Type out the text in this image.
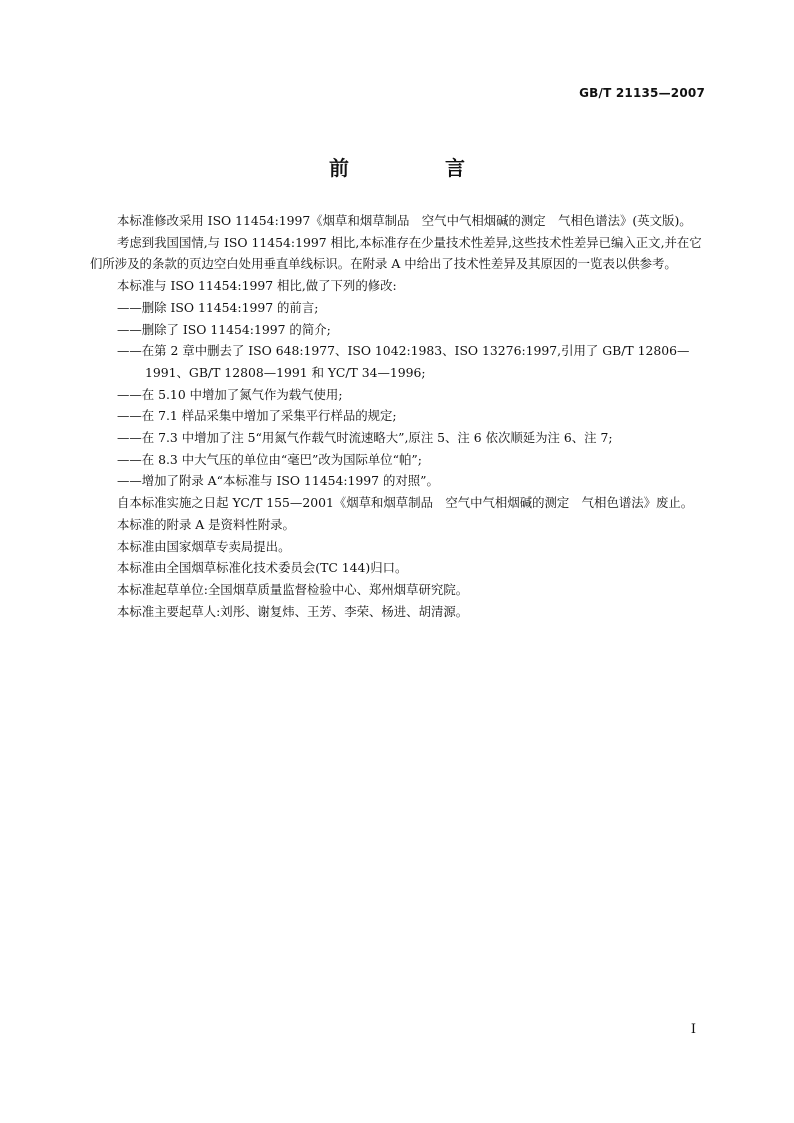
GB/T 21135—2007
前　言

本标准修改采用 ISO 11454:1997《烟草和烟草制品　空气中气相烟碱的测定　气相色谱法》(英文版)。

考虑到我国国情,与 ISO 11454:1997 相比,本标准存在少量技术性差异,这些技术性差异已编入正文,并在它们所涉及的条款的页边空白处用垂直单线标识。在附录 A 中给出了技术性差异及其原因的一览表以供参考。

本标准与 ISO 11454:1997 相比,做了下列的修改:

——删除 ISO 11454:1997 的前言;

——删除了 ISO 11454:1997 的简介;

——在第 2 章中删去了 ISO 648:1977、ISO 1042:1983、ISO 13276:1997,引用了 GB/T 12806—1991、GB/T 12808—1991 和 YC/T 34—1996;

——在 5.10 中增加了氮气作为载气使用;

——在 7.1 样品采集中增加了采集平行样品的规定;

——在 7.3 中增加了注 5“用氮气作载气时流速略大”,原注 5、注 6 依次顺延为注 6、注 7;

——在 8.3 中大气压的单位由“毫巴”改为国际单位“帕”;

——增加了附录 A“本标准与 ISO 11454:1997 的对照”。

自本标准实施之日起 YC/T 155—2001《烟草和烟草制品　空气中气相烟碱的测定　气相色谱法》废止。

本标准的附录 A 是资料性附录。

本标准由国家烟草专卖局提出。

本标准由全国烟草标准化技术委员会(TC 144)归口。

本标准起草单位:全国烟草质量监督检验中心、郑州烟草研究院。

本标准主要起草人:刘彤、谢复炜、王芳、李荣、杨进、胡清源。

I
